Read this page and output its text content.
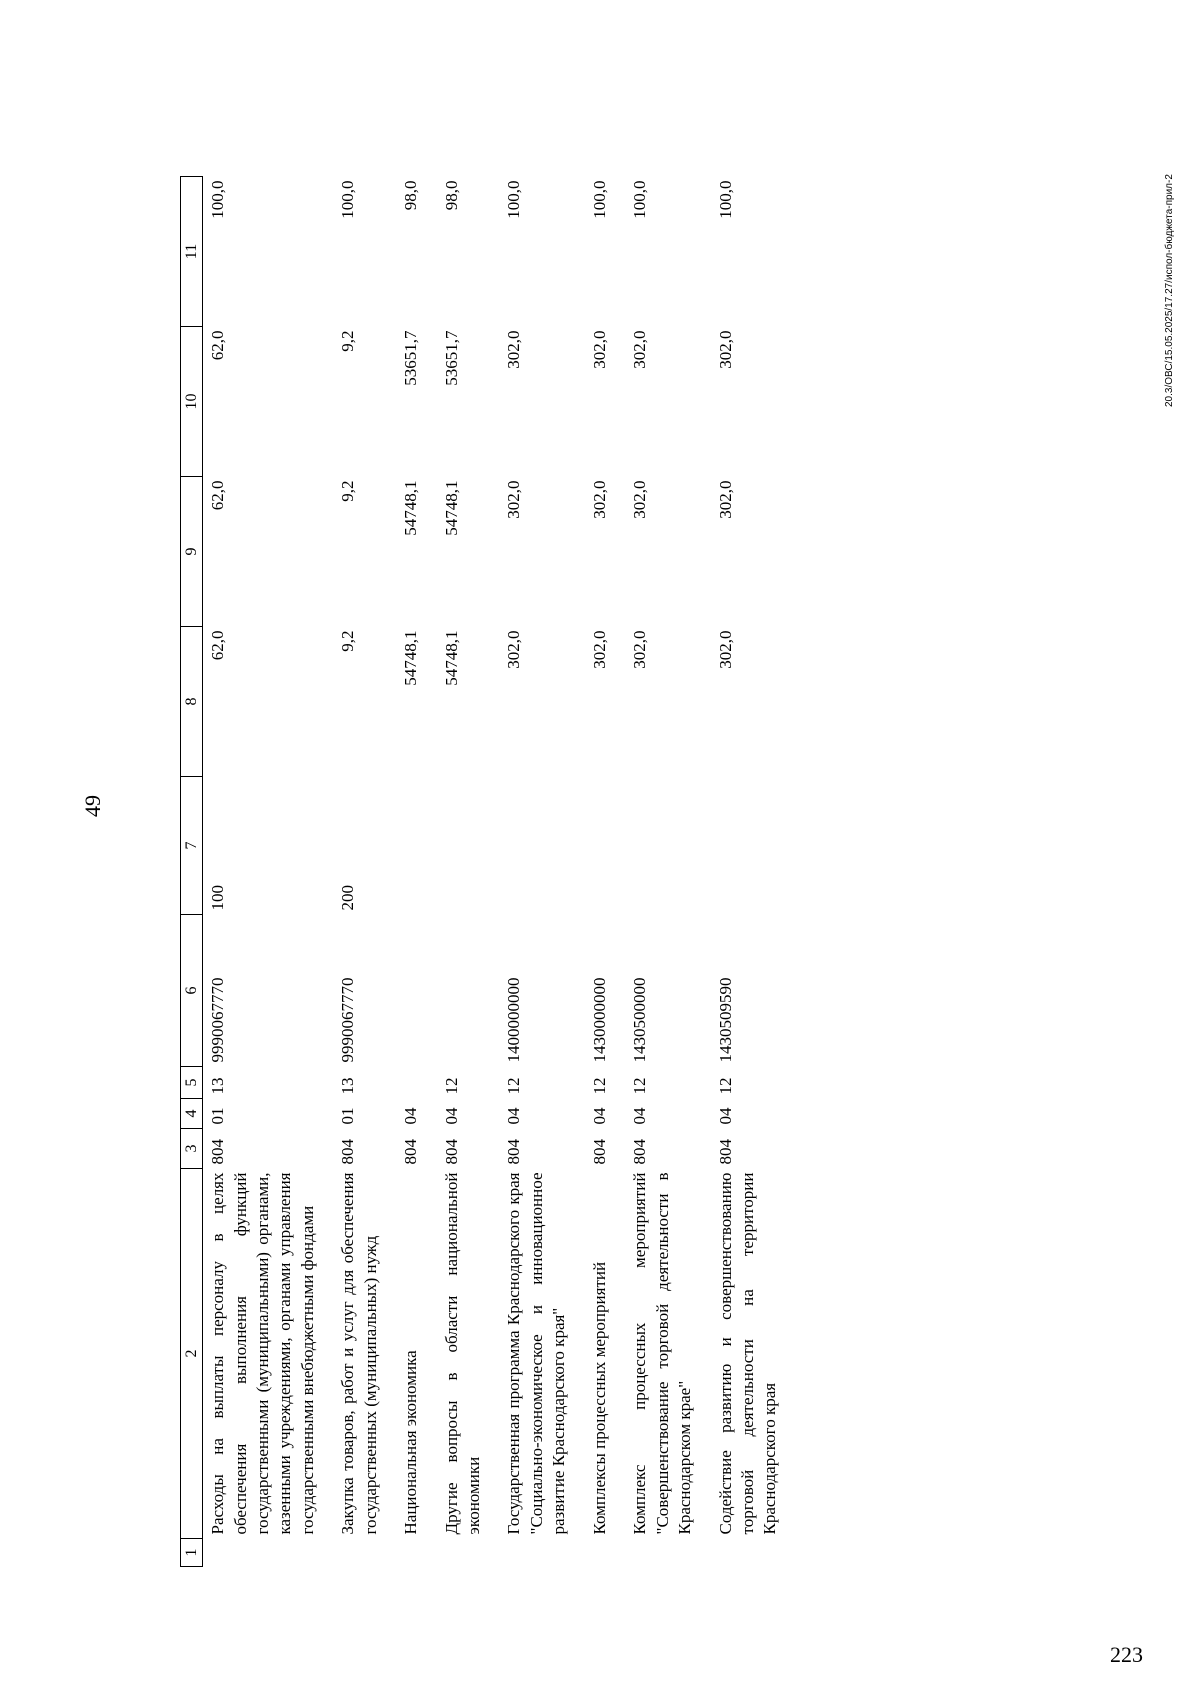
49
1	2	3	4	5	6	7	8	9	10	11
	Расходы на выплаты персоналу в целях обеспечения выполнения функций государственными (муниципальными) органами, казенными учреждениями, органами управления государственными внебюджетными фондами	804	01	13	9990067770	100	62,0	62,0	62,0	100,0
	Закупка товаров, работ и услуг для обеспечения государственных (муниципальных) нужд	804	01	13	9990067770	200	9,2	9,2	9,2	100,0
	Национальная экономика	804	04				54748,1	54748,1	53651,7	98,0
	Другие вопросы в области национальной экономики	804	04	12			54748,1	54748,1	53651,7	98,0
	Государственная программа Краснодарского края "Социально-экономическое и инновационное развитие Краснодарского края"	804	04	12	1400000000		302,0	302,0	302,0	100,0
	Комплексы процессных мероприятий	804	04	12	1430000000		302,0	302,0	302,0	100,0
	Комплекс процессных мероприятий "Совершенствование торговой деятельности в Краснодарском крае"	804	04	12	1430500000		302,0	302,0	302,0	100,0
	Содействие развитию и совершенствованию торговой деятельности на территории Краснодарского края	804	04	12	1430509590		302,0	302,0	302,0	100,0	20.3/ОВС/15.05.2025/17.27/испол-бюджета-прил-2
223
